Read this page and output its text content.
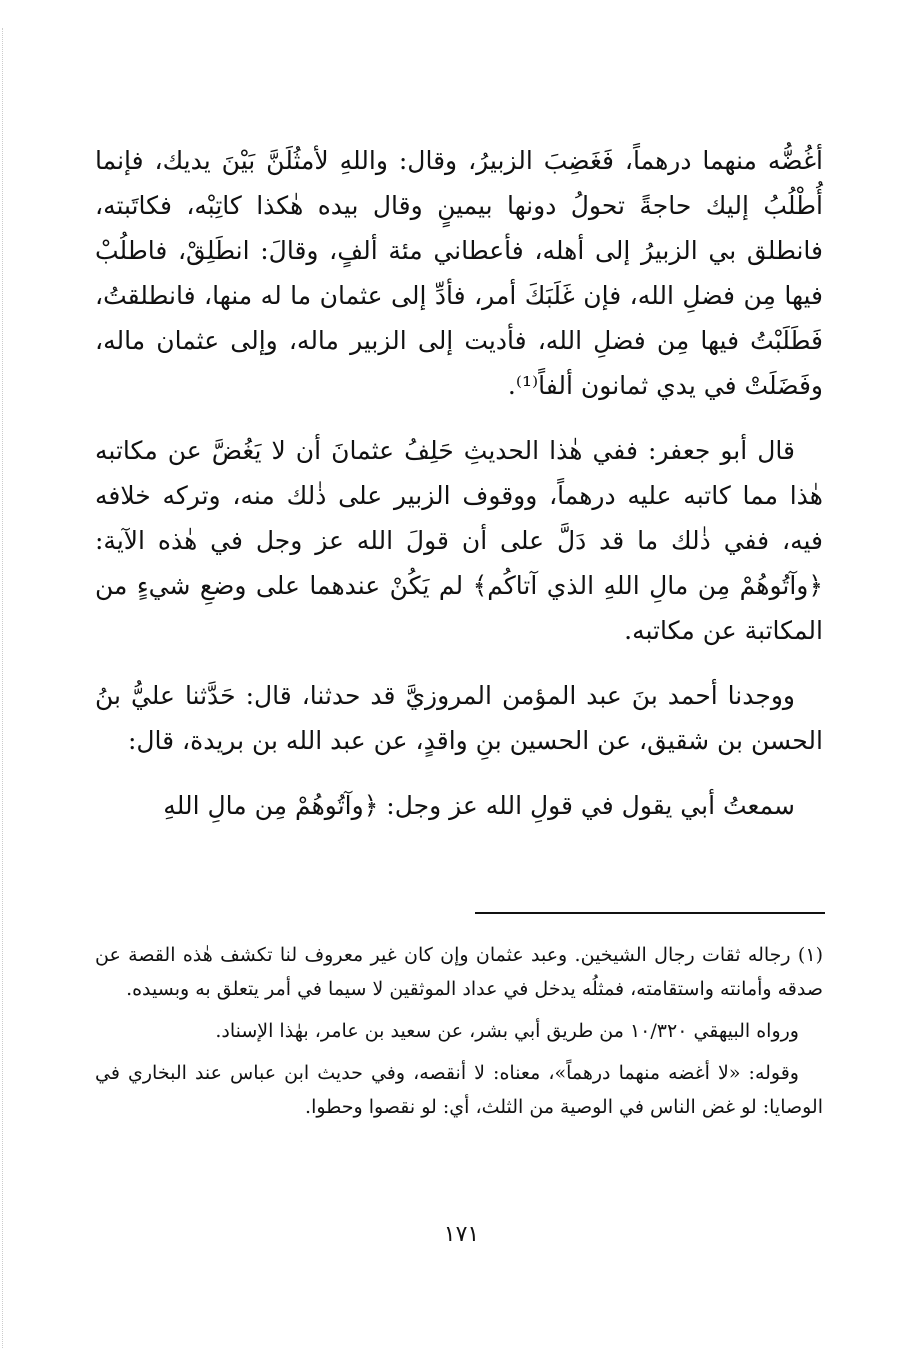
أغُضُّه منهما درهماً، فَغَضِبَ الزبيرُ، وقال: واللهِ لأمثُلَنَّ بَيْنَ يديك، فإنما أُطْلُبُ إليك حاجةً تحولُ دونها بيمينٍ وقال بيده هٰكذا كاتِبْه، فكاتَبته، فانطلق بي الزبيرُ إلى أهله، فأعطاني مئة ألفٍ، وقالَ: انطَلِقْ، فاطلُبْ فيها مِن فضلِ الله، فإن غَلَبَكَ أمر، فأدِّ إلى عثمان ما له منها، فانطلقتُ، فَطَلَبْتُ فيها مِن فضلِ الله، فأديت إلى الزبير ماله، وإلى عثمان ماله، وفَضَلَتْ في يدي ثمانون ألفاً⁽¹⁾.

قال أبو جعفر: ففي هٰذا الحديثِ حَلِفُ عثمانَ أن لا يَغُضَّ عن مكاتبه هٰذا مما كاتبه عليه درهماً، ووقوف الزبير على ذٰلك منه، وتركه خلافه فيه، ففي ذٰلك ما قد دَلَّ على أن قولَ الله عز وجل في هٰذه الآية: ﴿وآتُوهُمْ مِن مالِ اللهِ الذي آتاكُم﴾ لم يَكُنْ عندهما على وضعِ شيءٍ من المكاتبة عن مكاتبه.

ووجدنا أحمد بنَ عبد المؤمن المروزيَّ قد حدثنا، قال: حَدَّثنا عليُّ بنُ الحسن بن شقيق، عن الحسين بنِ واقدٍ، عن عبد الله بن بريدة، قال:

سمعتُ أبي يقول في قولِ الله عز وجل: ﴿وآتُوهُمْ مِن مالِ اللهِ

(١) رجاله ثقات رجال الشيخين. وعبد عثمان وإن كان غير معروف لنا تكشف هٰذه القصة عن صدقه وأمانته واستقامته، فمثلُه يدخل في عداد الموثقين لا سيما في أمر يتعلق به وبسيده.

ورواه البيهقي ١٠/٣٢٠ من طريق أبي بشر، عن سعيد بن عامر، بهٰذا الإسناد.

وقوله: «لا أغضه منهما درهماً»، معناه: لا أنقصه، وفي حديث ابن عباس عند البخاري في الوصايا: لو غض الناس في الوصية من الثلث، أي: لو نقصوا وحطوا.

١٧١
